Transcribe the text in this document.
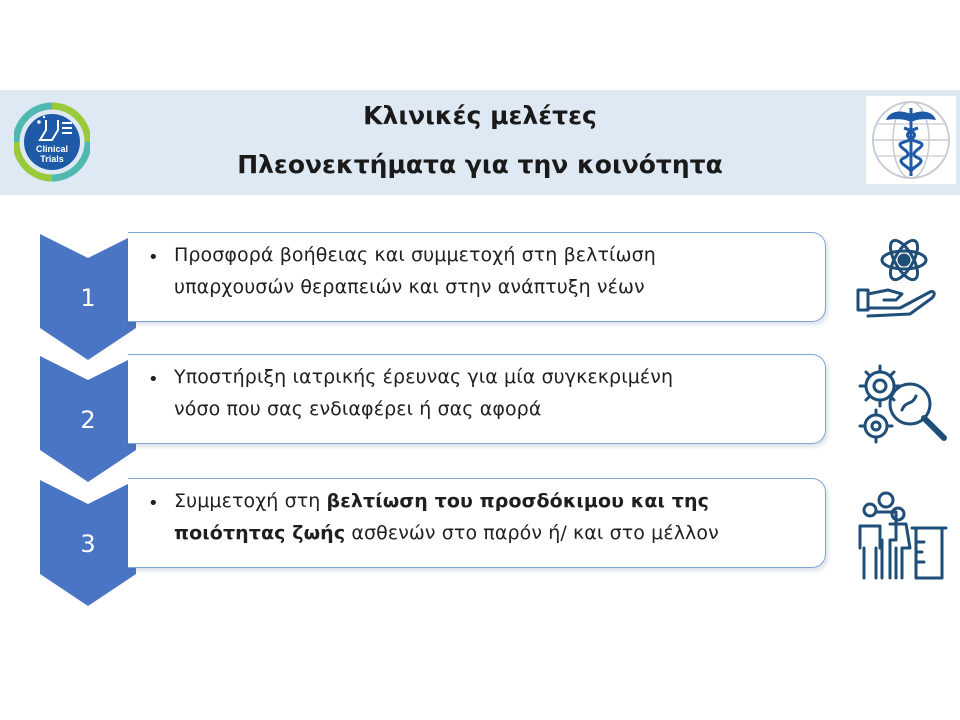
Κλινικές μελέτες
Πλεονεκτήματα για την κοινότητα
Clinical
Trials
1
• Προσφορά βοήθειας και συμμετοχή στη βελτίωση
υπαρχουσών θεραπειών και στην ανάπτυξη νέων
2
• Υποστήριξη ιατρικής έρευνας για μία συγκεκριμένη
νόσο που σας ενδιαφέρει ή σας αφορά
3
• Συμμετοχή στη βελτίωση του προσδόκιμου και της
ποιότητας ζωής ασθενών στο παρόν ή/ και στο μέλλον
